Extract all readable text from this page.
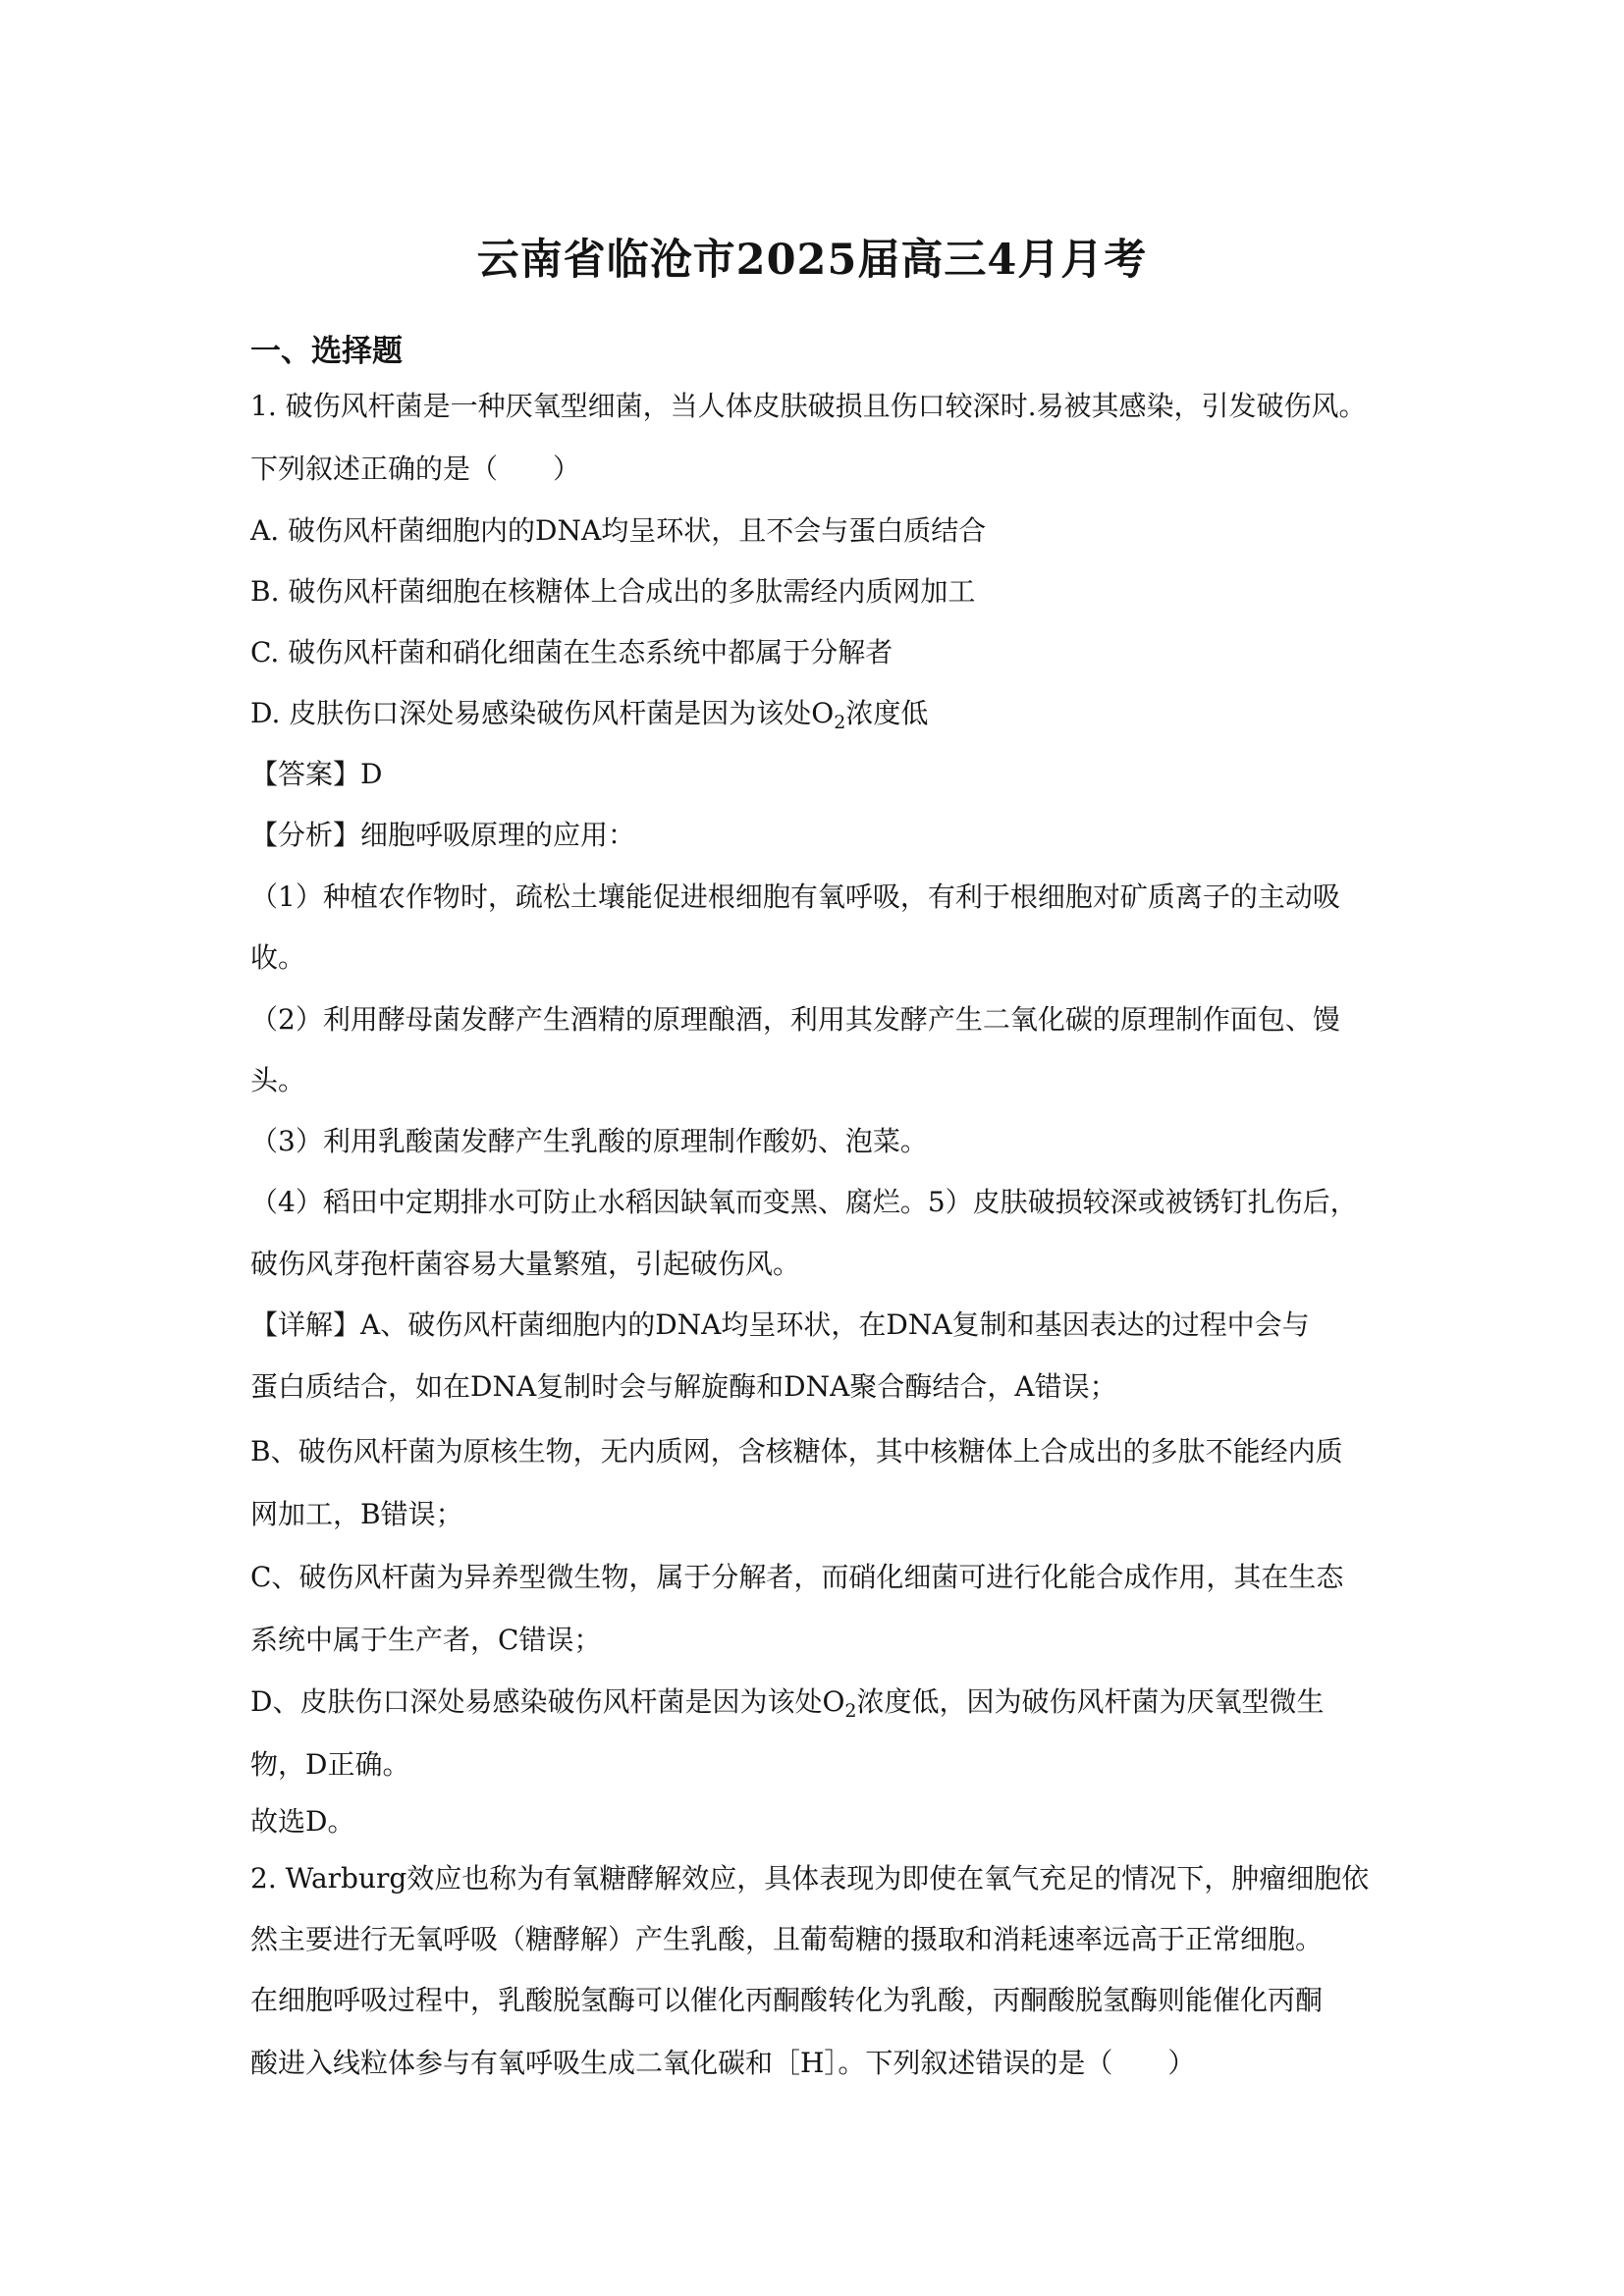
云南省临沧市2025届高三4月月考
一、选择题
1. 破伤风杆菌是一种厌氧型细菌，当人体皮肤破损且伤口较深时.易被其感染，引发破伤风。
下列叙述正确的是（　　）
A. 破伤风杆菌细胞内的DNA均呈环状，且不会与蛋白质结合
B. 破伤风杆菌细胞在核糖体上合成出的多肽需经内质网加工
C. 破伤风杆菌和硝化细菌在生态系统中都属于分解者
D. 皮肤伤口深处易感染破伤风杆菌是因为该处$O_2$浓度低
【答案】D
【分析】细胞呼吸原理的应用：
（1）种植农作物时，疏松土壤能促进根细胞有氧呼吸，有利于根细胞对矿质离子的主动吸
收。
（2）利用酵母菌发酵产生酒精的原理酿酒，利用其发酵产生二氧化碳的原理制作面包、馒
头。
（3）利用乳酸菌发酵产生乳酸的原理制作酸奶、泡菜。
（4）稻田中定期排水可防止水稻因缺氧而变黑、腐烂。5）皮肤破损较深或被锈钉扎伤后，
破伤风芽孢杆菌容易大量繁殖，引起破伤风。
【详解】A、破伤风杆菌细胞内的DNA均呈环状，在DNA复制和基因表达的过程中会与
蛋白质结合，如在DNA复制时会与解旋酶和DNA聚合酶结合，A错误；
B、破伤风杆菌为原核生物，无内质网，含核糖体，其中核糖体上合成出的多肽不能经内质
网加工，B错误；
C、破伤风杆菌为异养型微生物，属于分解者，而硝化细菌可进行化能合成作用，其在生态
系统中属于生产者，C错误；
D、皮肤伤口深处易感染破伤风杆菌是因为该处$O_2$浓度低，因为破伤风杆菌为厌氧型微生
物，D正确。
故选D。
2. Warburg效应也称为有氧糖酵解效应，具体表现为即使在氧气充足的情况下，肿瘤细胞依
然主要进行无氧呼吸（糖酵解）产生乳酸，且葡萄糖的摄取和消耗速率远高于正常细胞。
在细胞呼吸过程中，乳酸脱氢酶可以催化丙酮酸转化为乳酸，丙酮酸脱氢酶则能催化丙酮
酸进入线粒体参与有氧呼吸生成二氧化碳和［H］。下列叙述错误的是（　　）
